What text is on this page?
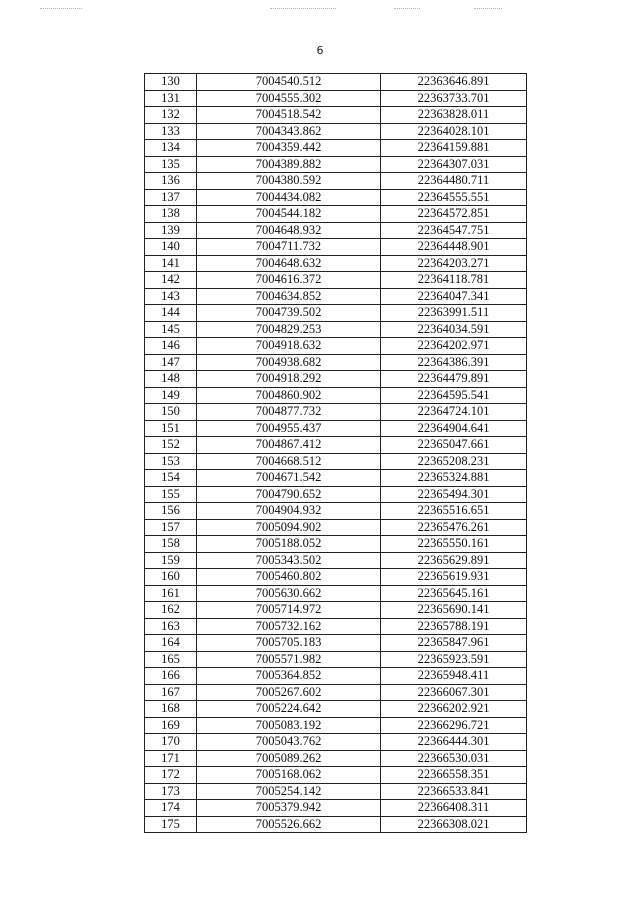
6
130	7004540.512	22363646.891
131	7004555.302	22363733.701
132	7004518.542	22363828.011
133	7004343.862	22364028.101
134	7004359.442	22364159.881
135	7004389.882	22364307.031
136	7004380.592	22364480.711
137	7004434.082	22364555.551
138	7004544.182	22364572.851
139	7004648.932	22364547.751
140	7004711.732	22364448.901
141	7004648.632	22364203.271
142	7004616.372	22364118.781
143	7004634.852	22364047.341
144	7004739.502	22363991.511
145	7004829.253	22364034.591
146	7004918.632	22364202.971
147	7004938.682	22364386.391
148	7004918.292	22364479.891
149	7004860.902	22364595.541
150	7004877.732	22364724.101
151	7004955.437	22364904.641
152	7004867.412	22365047.661
153	7004668.512	22365208.231
154	7004671.542	22365324.881
155	7004790.652	22365494.301
156	7004904.932	22365516.651
157	7005094.902	22365476.261
158	7005188.052	22365550.161
159	7005343.502	22365629.891
160	7005460.802	22365619.931
161	7005630.662	22365645.161
162	7005714.972	22365690.141
163	7005732.162	22365788.191
164	7005705.183	22365847.961
165	7005571.982	22365923.591
166	7005364.852	22365948.411
167	7005267.602	22366067.301
168	7005224.642	22366202.921
169	7005083.192	22366296.721
170	7005043.762	22366444.301
171	7005089.262	22366530.031
172	7005168.062	22366558.351
173	7005254.142	22366533.841
174	7005379.942	22366408.311
175	7005526.662	22366308.021
